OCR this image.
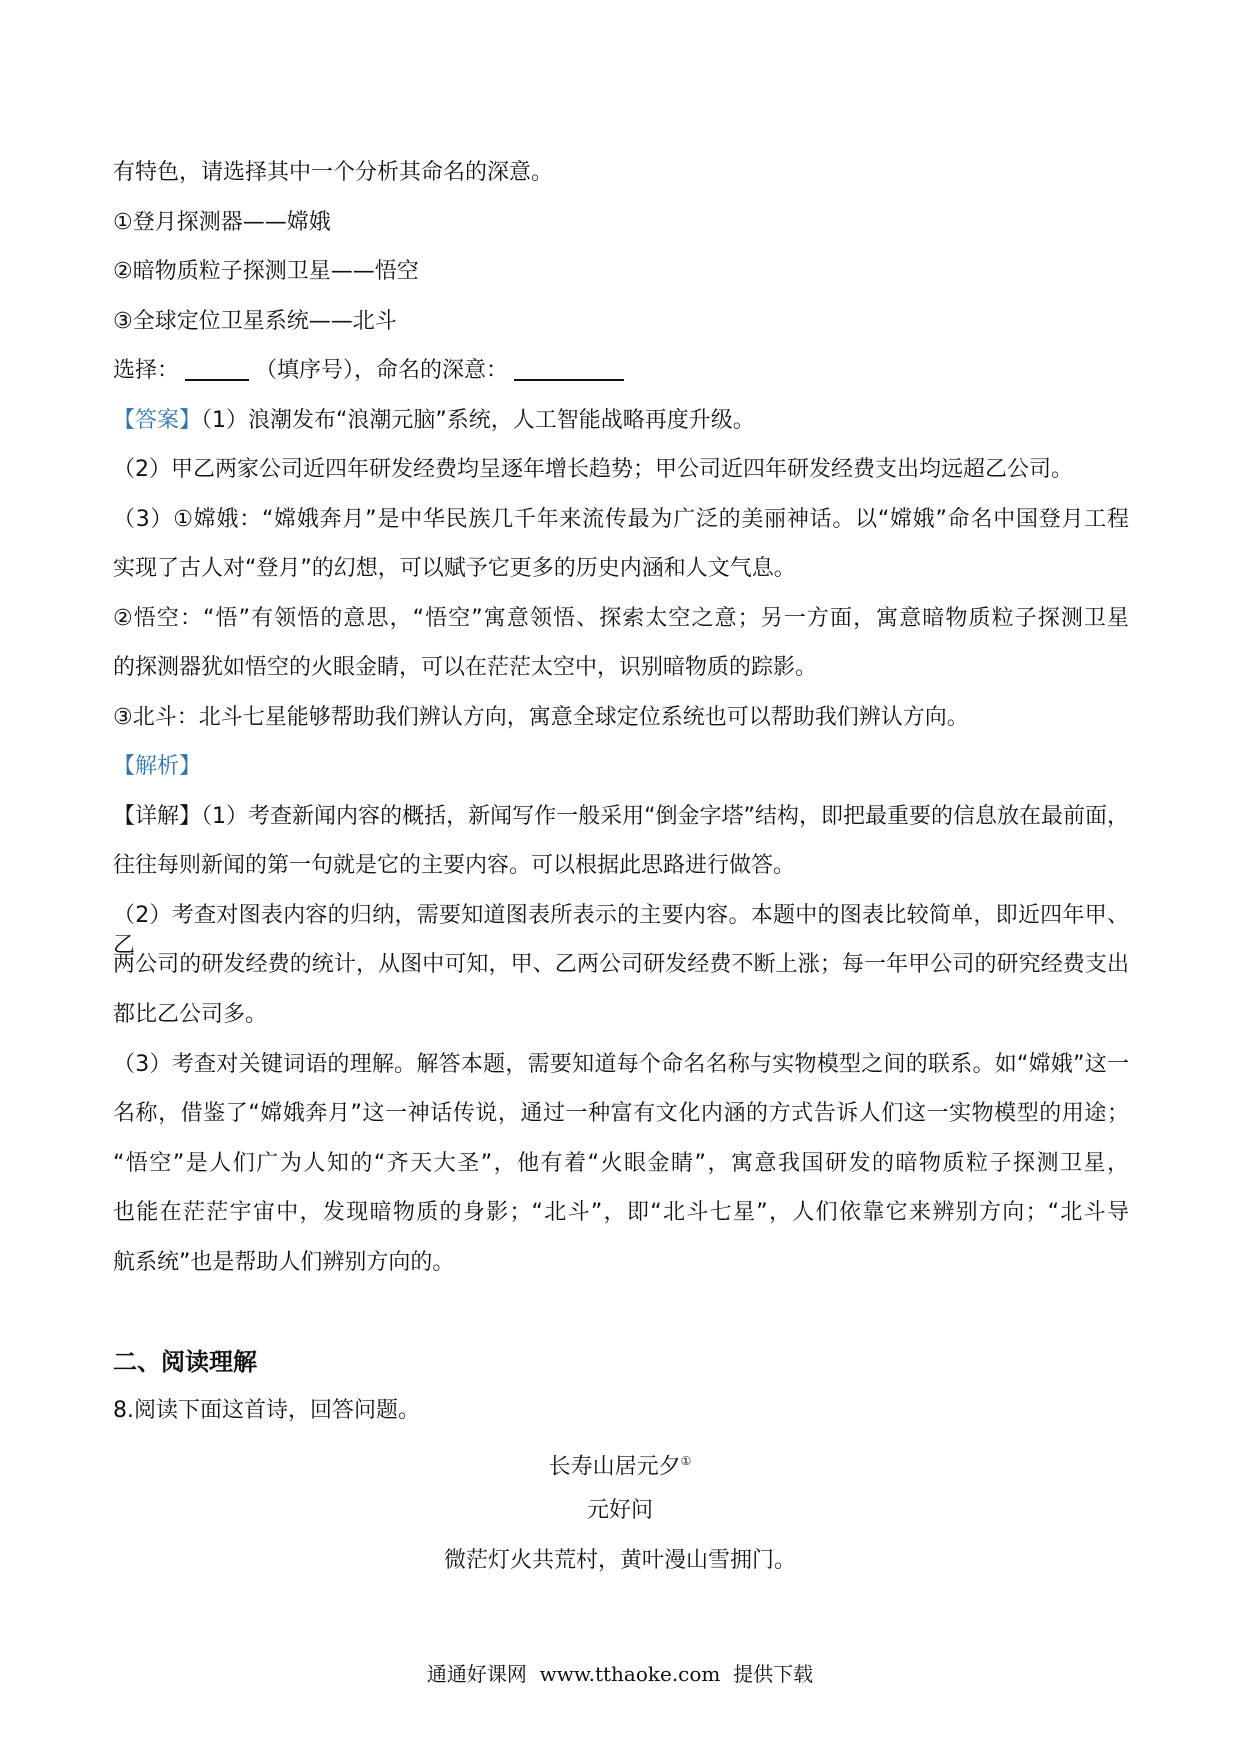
有特色，请选择其中一个分析其命名的深意。
①登月探测器——嫦娥
②暗物质粒子探测卫星——悟空
③全球定位卫星系统——北斗
选择：	（填序号），命名的深意：
【答案】（1）浪潮发布“浪潮元脑”系统，人工智能战略再度升级。
（2）甲乙两家公司近四年研发经费均呈逐年增长趋势；甲公司近四年研发经费支出均远超乙公司。
（3）①嫦娥：“嫦娥奔月”是中华民族几千年来流传最为广泛的美丽神话。以“嫦娥”命名中国登月工程
实现了古人对“登月”的幻想，可以赋予它更多的历史内涵和人文气息。
②悟空：“悟”有领悟的意思，“悟空”寓意领悟、探索太空之意；另一方面，寓意暗物质粒子探测卫星
的探测器犹如悟空的火眼金睛，可以在茫茫太空中，识别暗物质的踪影。
③北斗：北斗七星能够帮助我们辨认方向，寓意全球定位系统也可以帮助我们辨认方向。
【解析】
【详解】（1）考查新闻内容的概括，新闻写作一般采用“倒金字塔”结构，即把最重要的信息放在最前面，
往往每则新闻的第一句就是它的主要内容。可以根据此思路进行做答。
（2）考查对图表内容的归纳，需要知道图表所表示的主要内容。本题中的图表比较简单，即近四年甲、乙
两公司的研发经费的统计，从图中可知，甲、乙两公司研发经费不断上涨；每一年甲公司的研究经费支出
都比乙公司多。
（3）考查对关键词语的理解。解答本题，需要知道每个命名名称与实物模型之间的联系。如“嫦娥”这一
名称，借鉴了“嫦娥奔月”这一神话传说，通过一种富有文化内涵的方式告诉人们这一实物模型的用途；
“悟空”是人们广为人知的“齐天大圣”，他有着“火眼金睛”，寓意我国研发的暗物质粒子探测卫星，
也能在茫茫宇宙中，发现暗物质的身影；“北斗”，即“北斗七星”，人们依靠它来辨别方向；“北斗导
航系统”也是帮助人们辨别方向的。
二、阅读理解
8.阅读下面这首诗，回答问题。
长寿山居元夕①
元好问
微茫灯火共荒村，黄叶漫山雪拥门。
通通好课网  www.tthaoke.com  提供下载
